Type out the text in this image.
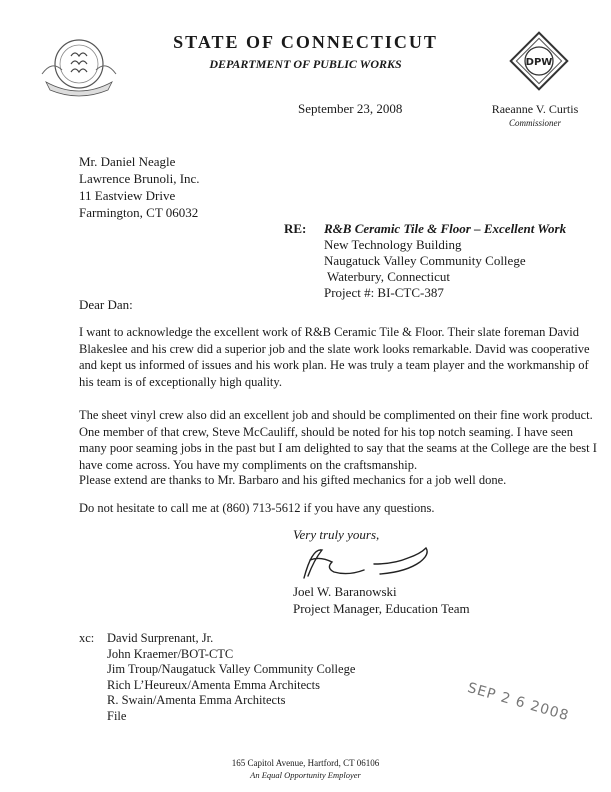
STATE OF CONNECTICUT
DEPARTMENT OF PUBLIC WORKS	DPW
September 23, 2008	Raeanne V. Curtis
Commissioner
Mr. Daniel Neagle
Lawrence Brunoli, Inc.
11 Eastview Drive
Farmington, CT 06032
RE: R&B Ceramic Tile & Floor – Excellent Work
New Technology Building
Naugatuck Valley Community College
Waterbury, Connecticut
Project #: BI-CTC-387
Dear Dan:
I want to acknowledge the excellent work of R&B Ceramic Tile & Floor. Their slate foreman David Blakeslee and his crew did a superior job and the slate work looks remarkable. David was cooperative and kept us informed of issues and his work plan. He was truly a team player and the workmanship of his team is of exceptionally high quality.
The sheet vinyl crew also did an excellent job and should be complimented on their fine work product. One member of that crew, Steve McCauliff, should be noted for his top notch seaming. I have seen many poor seaming jobs in the past but I am delighted to say that the seams at the College are the best I have come across. You have my compliments on the craftsmanship.
Please extend are thanks to Mr. Barbaro and his gifted mechanics for a job well done.
Do not hesitate to call me at (860) 713-5612 if you have any questions.
Very truly yours,
Joel W. Baranowski
Project Manager, Education Team
xc: David Surprenant, Jr.
John Kraemer/BOT-CTC
Jim Troup/Naugatuck Valley Community College
Rich L’Heureux/Amenta Emma Architects
R. Swain/Amenta Emma Architects
File	SEP 2 6 2008
165 Capitol Avenue, Hartford, CT 06106
An Equal Opportunity Employer
